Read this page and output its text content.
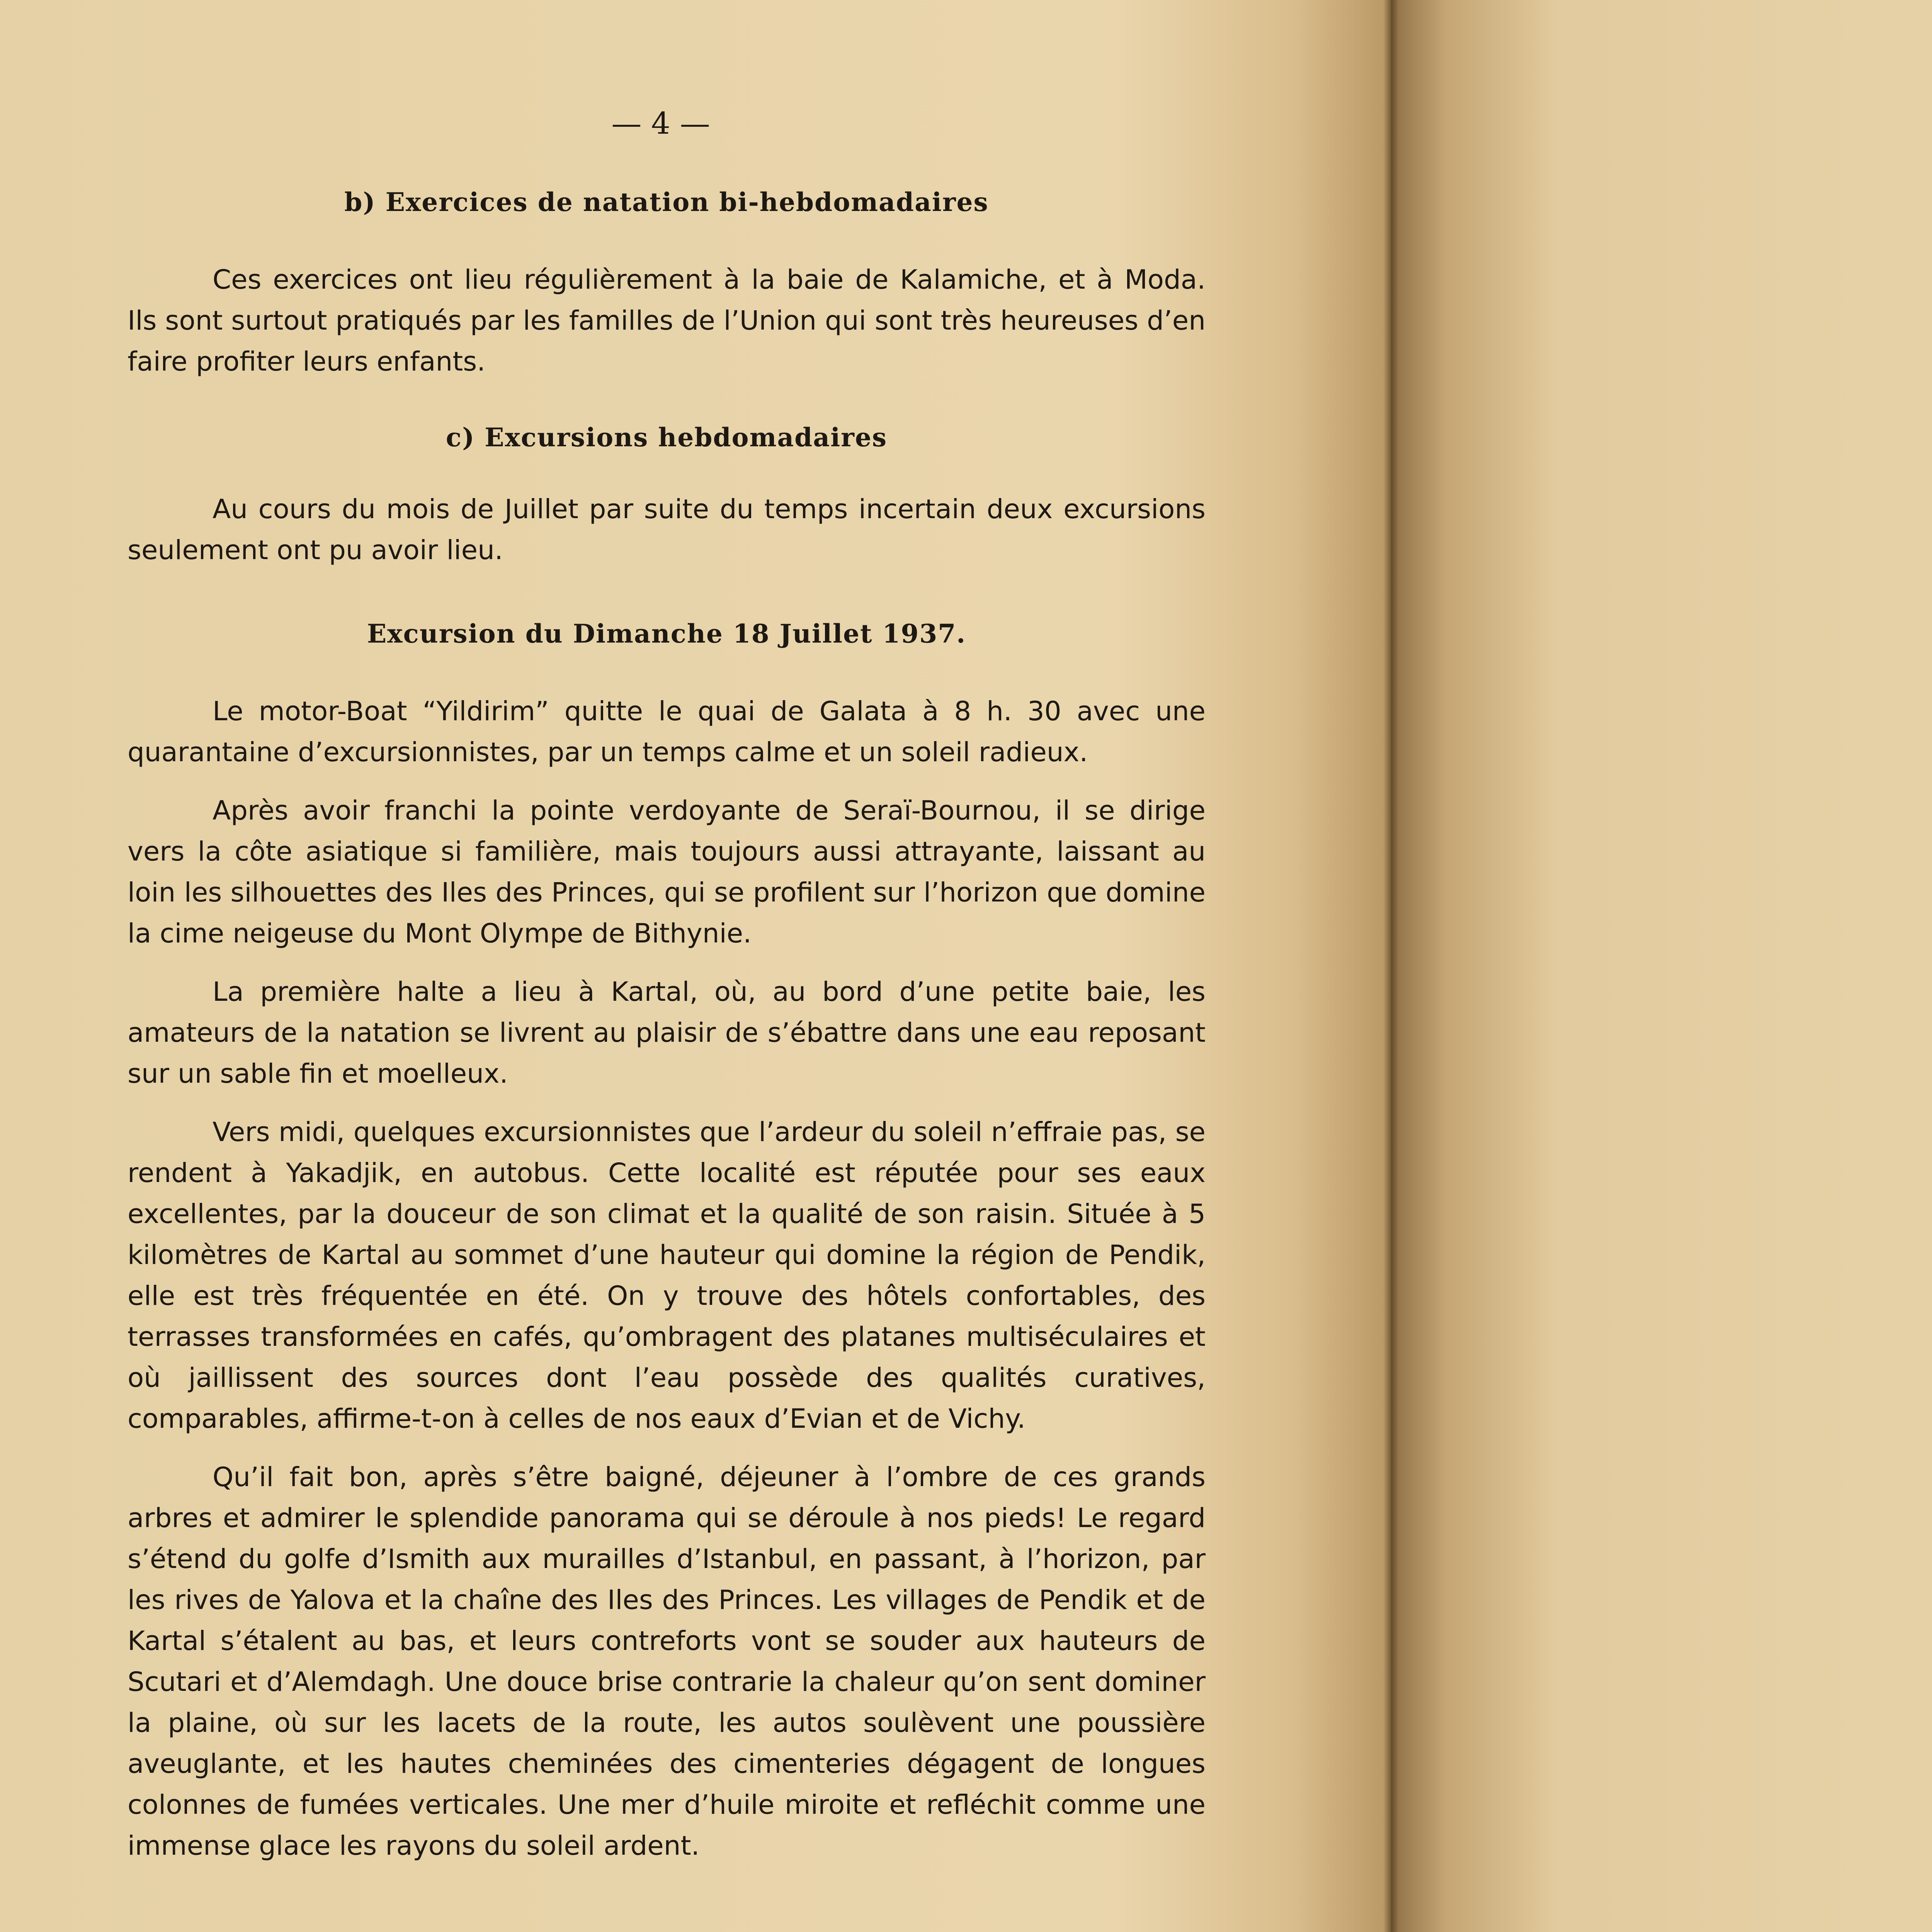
— 4 —
b) Exercices de natation bi-hebdomadaires

Ces exercices ont lieu régulièrement à la baie de Kalamiche, et à Moda. Ils sont surtout pratiqués par les familles de l’Union qui sont très heureuses d’en faire profiter leurs enfants.

c) Excursions hebdomadaires

Au cours du mois de Juillet par suite du temps incertain deux excursions seulement ont pu avoir lieu.

Excursion du Dimanche 18 Juillet 1937.

Le motor-Boat “Yildirim” quitte le quai de Galata à 8 h. 30 avec une quarantaine d’excursionnistes, par un temps calme et un soleil radieux.

Après avoir franchi la pointe verdoyante de Seraï-Bournou, il se dirige vers la côte asiatique si familière, mais toujours aussi attrayante, laissant au loin les silhouettes des Iles des Princes, qui se profilent sur l’horizon que domine la cime neigeuse du Mont Olympe de Bithynie.

La première halte a lieu à Kartal, où, au bord d’une petite baie, les amateurs de la natation se livrent au plaisir de s’ébattre dans une eau reposant sur un sable fin et moelleux.

Vers midi, quelques excursionnistes que l’ardeur du soleil n’effraie pas, se rendent à Yakadjik, en autobus. Cette localité est réputée pour ses eaux excellentes, par la douceur de son climat et la qualité de son raisin. Située à 5 kilomètres de Kartal au sommet d’une hauteur qui domine la région de Pendik, elle est très fréquentée en été. On y trouve des hôtels confortables, des terrasses transformées en cafés, qu’ombragent des platanes multiséculaires et où jaillissent des sources dont l’eau possède des qualités curatives, comparables, affirme-t-on à celles de nos eaux d’Evian et de Vichy.

Qu’il fait bon, après s’être baigné, déjeuner à l’ombre de ces grands arbres et admirer le splendide panorama qui se déroule à nos pieds! Le regard s’étend du golfe d’Ismith aux murailles d’Istanbul, en passant, à l’horizon, par les rives de Yalova et la chaîne des Iles des Princes. Les villages de Pendik et de Kartal s’étalent au bas, et leurs contreforts vont se souder aux hauteurs de Scutari et d’Alemdagh. Une douce brise contrarie la chaleur qu’on sent dominer la plaine, où sur les lacets de la route, les autos soulèvent une poussière aveuglante, et les hautes cheminées des cimenteries dégagent de longues colonnes de fumées verticales. Une mer d’huile miroite et refléchit comme une immense glace les rayons du soleil ardent.
